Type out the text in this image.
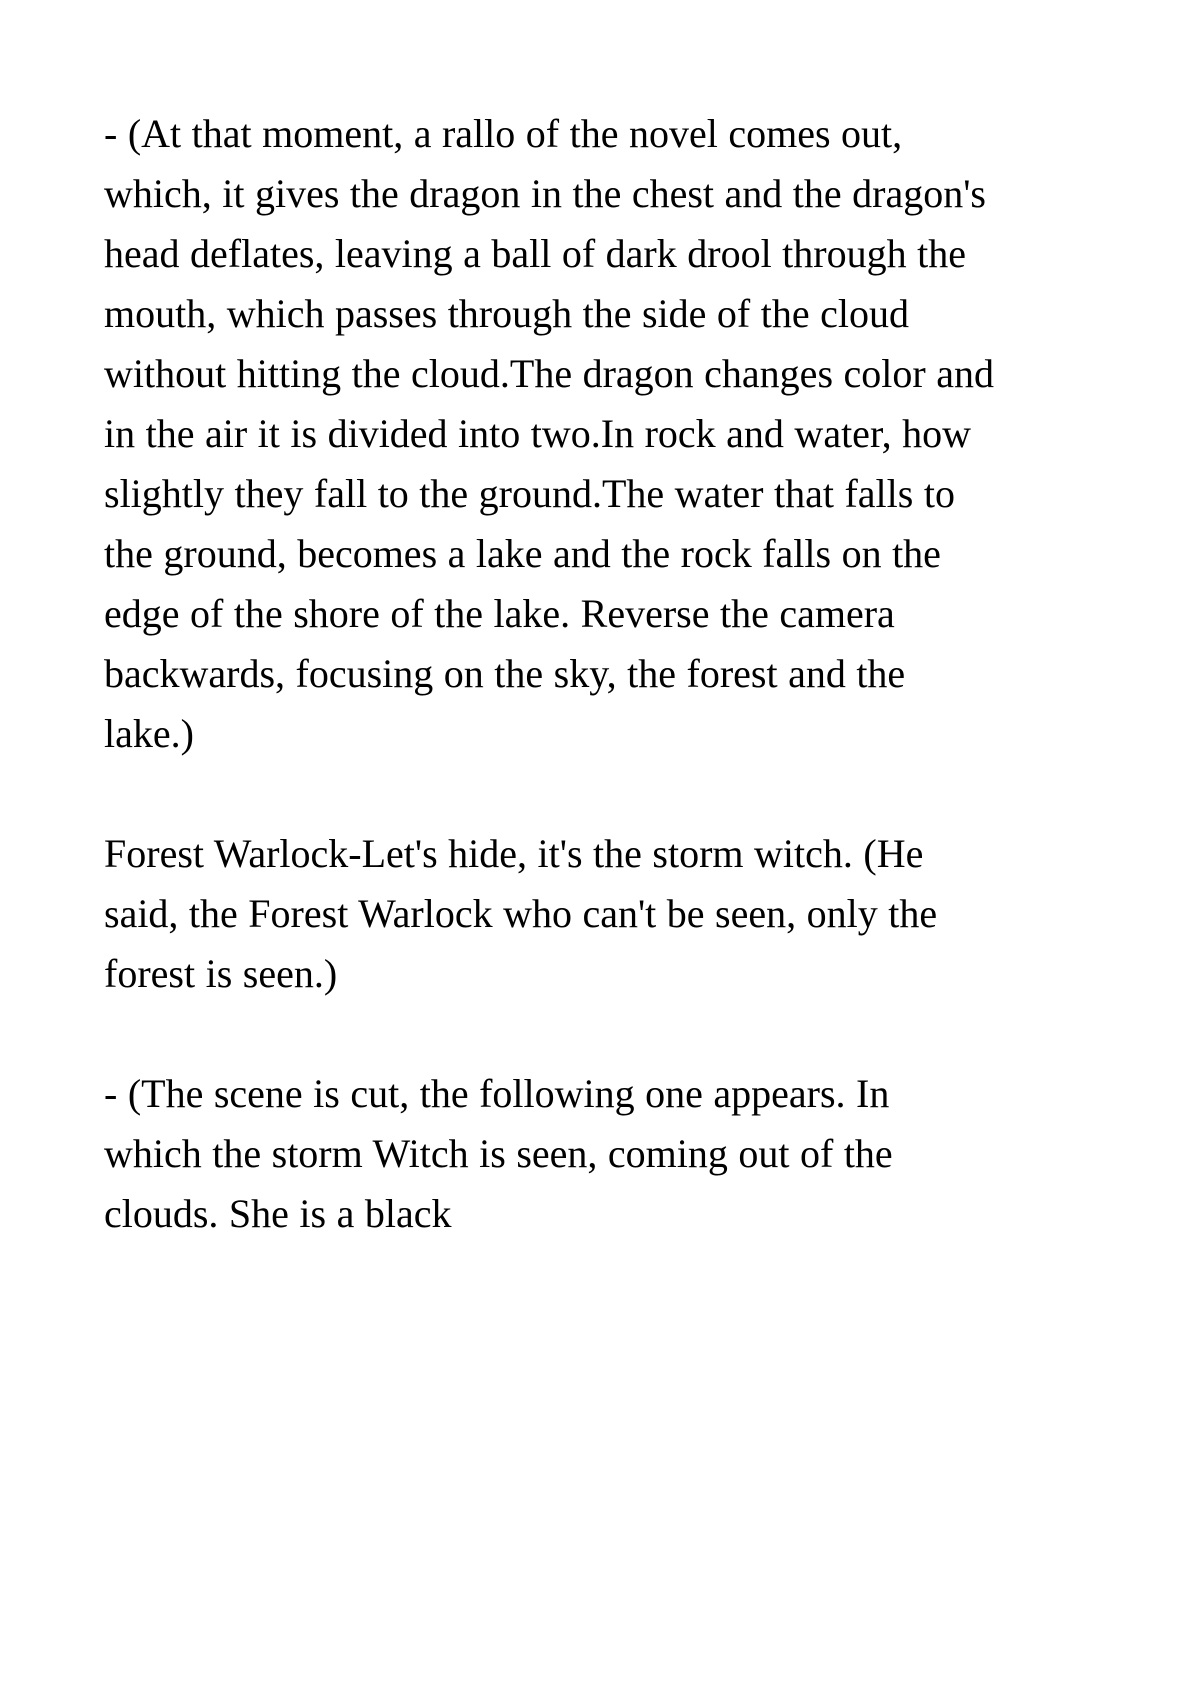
- (At that moment, a rallo of the novel comes out, which, it gives the dragon in the chest and the dragon's head deflates, leaving a ball of dark drool through the mouth, which passes through the side of the cloud without hitting the cloud.The dragon changes color and in the air it is divided into two.In rock and water, how slightly they fall to the ground.The water that falls to the ground, becomes a lake and the rock falls on the edge of the shore of the lake. Reverse the camera backwards, focusing on the sky, the forest and the lake.)

Forest Warlock-Let's hide, it's the storm witch. (He said, the Forest Warlock who can't be seen, only the forest is seen.)

- (The scene is cut, the following one appears. In which the storm Witch is seen, coming out of the clouds. She is a black
